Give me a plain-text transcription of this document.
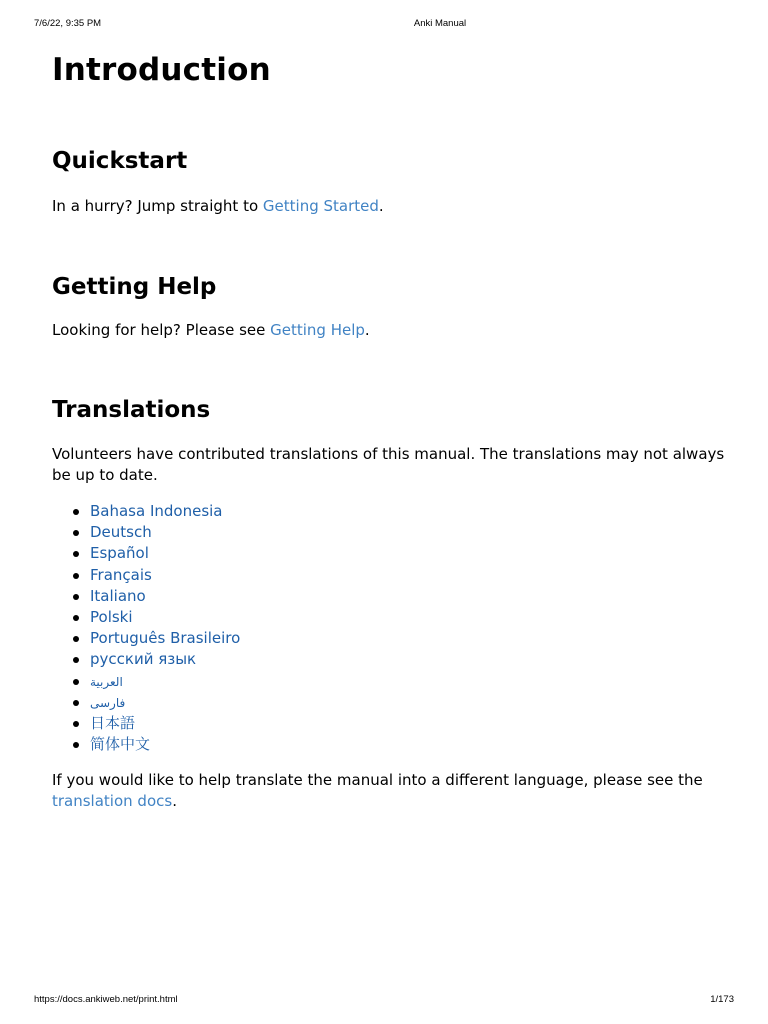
7/6/22, 9:35 PM	Anki Manual
Introduction
Quickstart

In a hurry? Jump straight to Getting Started.

Getting Help

Looking for help? Please see Getting Help.

Translations

Volunteers have contributed translations of this manual. The translations may not always be up to date.

Bahasa Indonesia
Deutsch
Español
Français
Italiano
Polski
Português Brasileiro
русский язык
العربية
فارسی
日本語
简体中文

If you would like to help translate the manual into a different language, please see the translation docs.

https://docs.ankiweb.net/print.html	1/173
